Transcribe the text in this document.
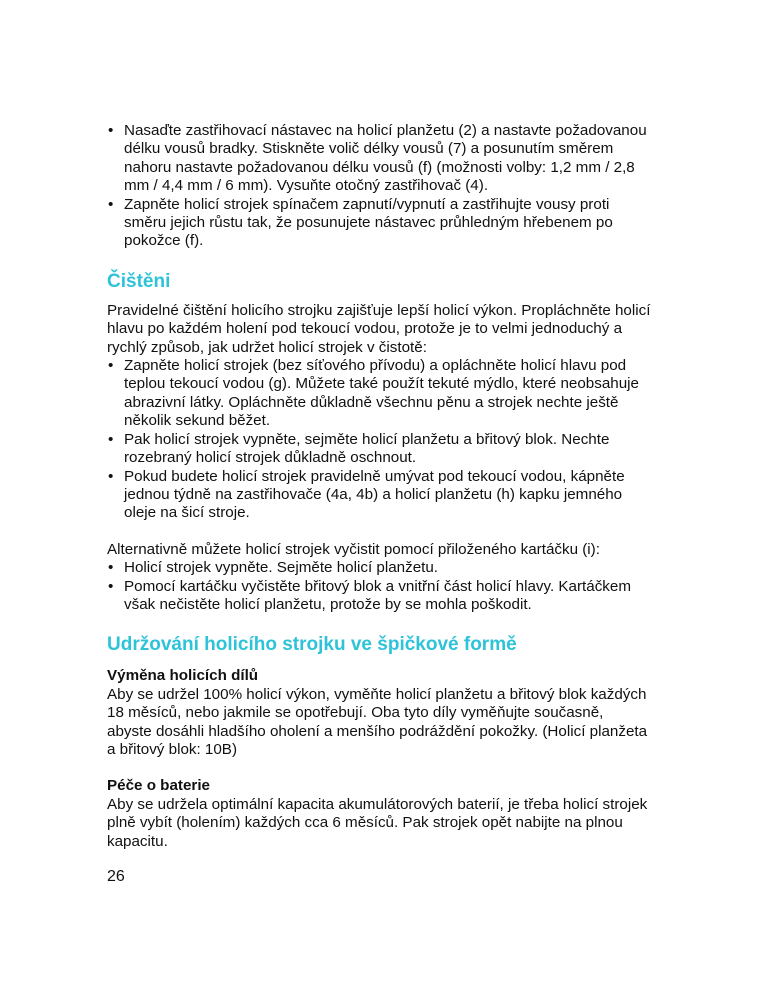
• Nasaďte zastřihovací nástavec na holicí planžetu (2) a nastavte požadovanou délku vousů bradky. Stiskněte volič délky vousů (7) a posunutím směrem nahoru nastavte požadovanou délku vousů (f) (možnosti volby: 1,2 mm / 2,8 mm / 4,4 mm / 6 mm). Vysuňte otočný zastřihovač (4).
• Zapněte holicí strojek spínačem zapnutí/vypnutí a zastřihujte vousy proti směru jejich růstu tak, že posunujete nástavec průhledným hřebenem po pokožce (f).
Čištěni

Pravidelné čištění holicího strojku zajišťuje lepší holicí výkon. Propláchněte holicí hlavu po každém holení pod tekoucí vodou, protože je to velmi jednoduchý a rychlý způsob, jak udržet holicí strojek v čistotě:

• Zapněte holicí strojek (bez síťového přívodu) a opláchněte holicí hlavu pod teplou tekoucí vodou (g). Můžete také použít tekuté mýdlo, které neobsahuje abrazivní látky. Opláchněte důkladně všechnu pěnu a strojek nechte ještě několik sekund běžet.
• Pak holicí strojek vypněte, sejměte holicí planžetu a břitový blok. Nechte rozebraný holicí strojek důkladně oschnout.
• Pokud budete holicí strojek pravidelně umývat pod tekoucí vodou, kápněte jednou týdně na zastřihovače (4a, 4b) a holicí planžetu (h) kapku jemného oleje na šicí stroje.

Alternativně můžete holicí strojek vyčistit pomocí přiloženého kartáčku (i):

• Holicí strojek vypněte. Sejměte holicí planžetu.
• Pomocí kartáčku vyčistěte břitový blok a vnitřní část holicí hlavy. Kartáčkem však nečistěte holicí planžetu, protože by se mohla poškodit.
Udržování holicího strojku ve špičkové formě
Výměna holicích dílů

Aby se udržel 100% holicí výkon, vyměňte holicí planžetu a břitový blok každých 18 měsíců, nebo jakmile se opotřebují. Oba tyto díly vyměňujte současně, abyste dosáhli hladšího oholení a menšího podráždění pokožky. (Holicí planžeta a břitový blok: 10B)

Péče o baterie

Aby se udržela optimální kapacita akumulátorových baterií, je třeba holicí strojek plně vybít (holením) každých cca 6 měsíců. Pak strojek opět nabijte na plnou kapacitu.

26
